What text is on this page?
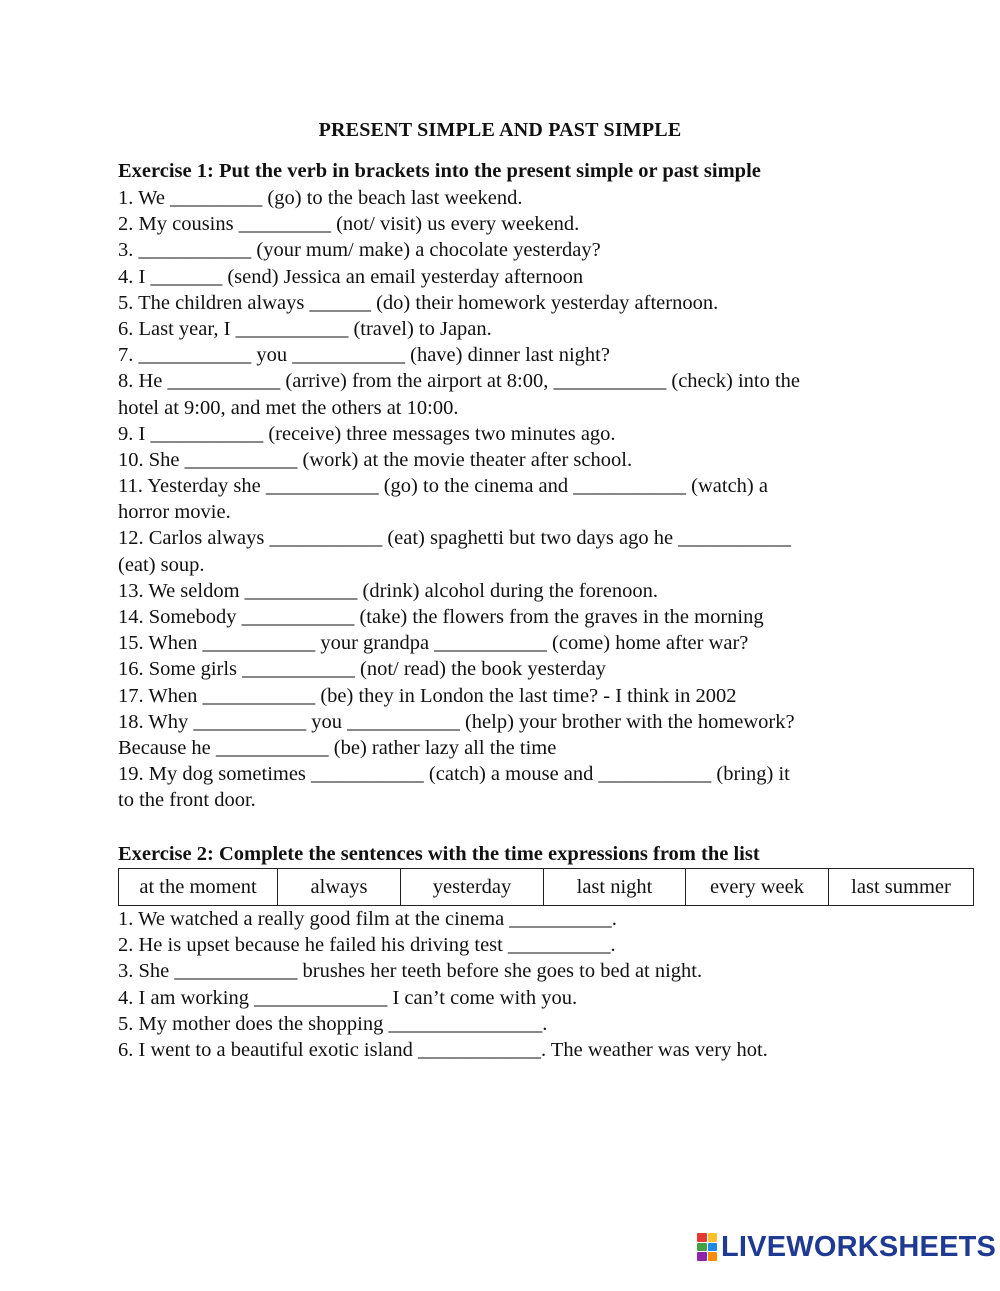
PRESENT SIMPLE AND PAST SIMPLE
Exercise 1: Put the verb in brackets into the present simple or past simple
1. We _________ (go) to the beach last weekend.
2. My cousins _________ (not/ visit) us every weekend.
3. ___________ (your mum/ make) a chocolate yesterday?
4. I _______ (send) Jessica an email yesterday afternoon
5. The children always ______ (do) their homework yesterday afternoon.
6. Last year, I ___________ (travel) to Japan.
7. ___________ you ___________ (have) dinner last night?
8. He ___________ (arrive) from the airport at 8:00, ___________ (check) into the
hotel at 9:00, and met the others at 10:00.
9. I ___________ (receive) three messages two minutes ago.
10. She ___________ (work) at the movie theater after school.
11. Yesterday she ___________ (go) to the cinema and ___________ (watch) a
horror movie.
12. Carlos always ___________ (eat) spaghetti but two days ago he ___________
(eat) soup.
13. We seldom ___________ (drink) alcohol during the forenoon.
14. Somebody ___________ (take) the flowers from the graves in the morning
15. When ___________ your grandpa ___________ (come) home after war?
16. Some girls ___________ (not/ read) the book yesterday
17. When ___________ (be) they in London the last time? - I think in 2002
18. Why ___________ you ___________ (help) your brother with the homework?
Because he ___________ (be) rather lazy all the time
19. My dog sometimes ___________ (catch) a mouse and ___________ (bring) it
to the front door.
Exercise 2: Complete the sentences with the time expressions from the list
at the moment	always	yesterday	last night	every week	last summer
1. We watched a really good film at the cinema __________.
2. He is upset because he failed his driving test __________.
3. She ____________ brushes her teeth before she goes to bed at night.
4. I am working _____________ I can’t come with you.
5. My mother does the shopping _______________.
6. I went to a beautiful exotic island ____________. The weather was very hot.
LIVEWORKSHEETS
